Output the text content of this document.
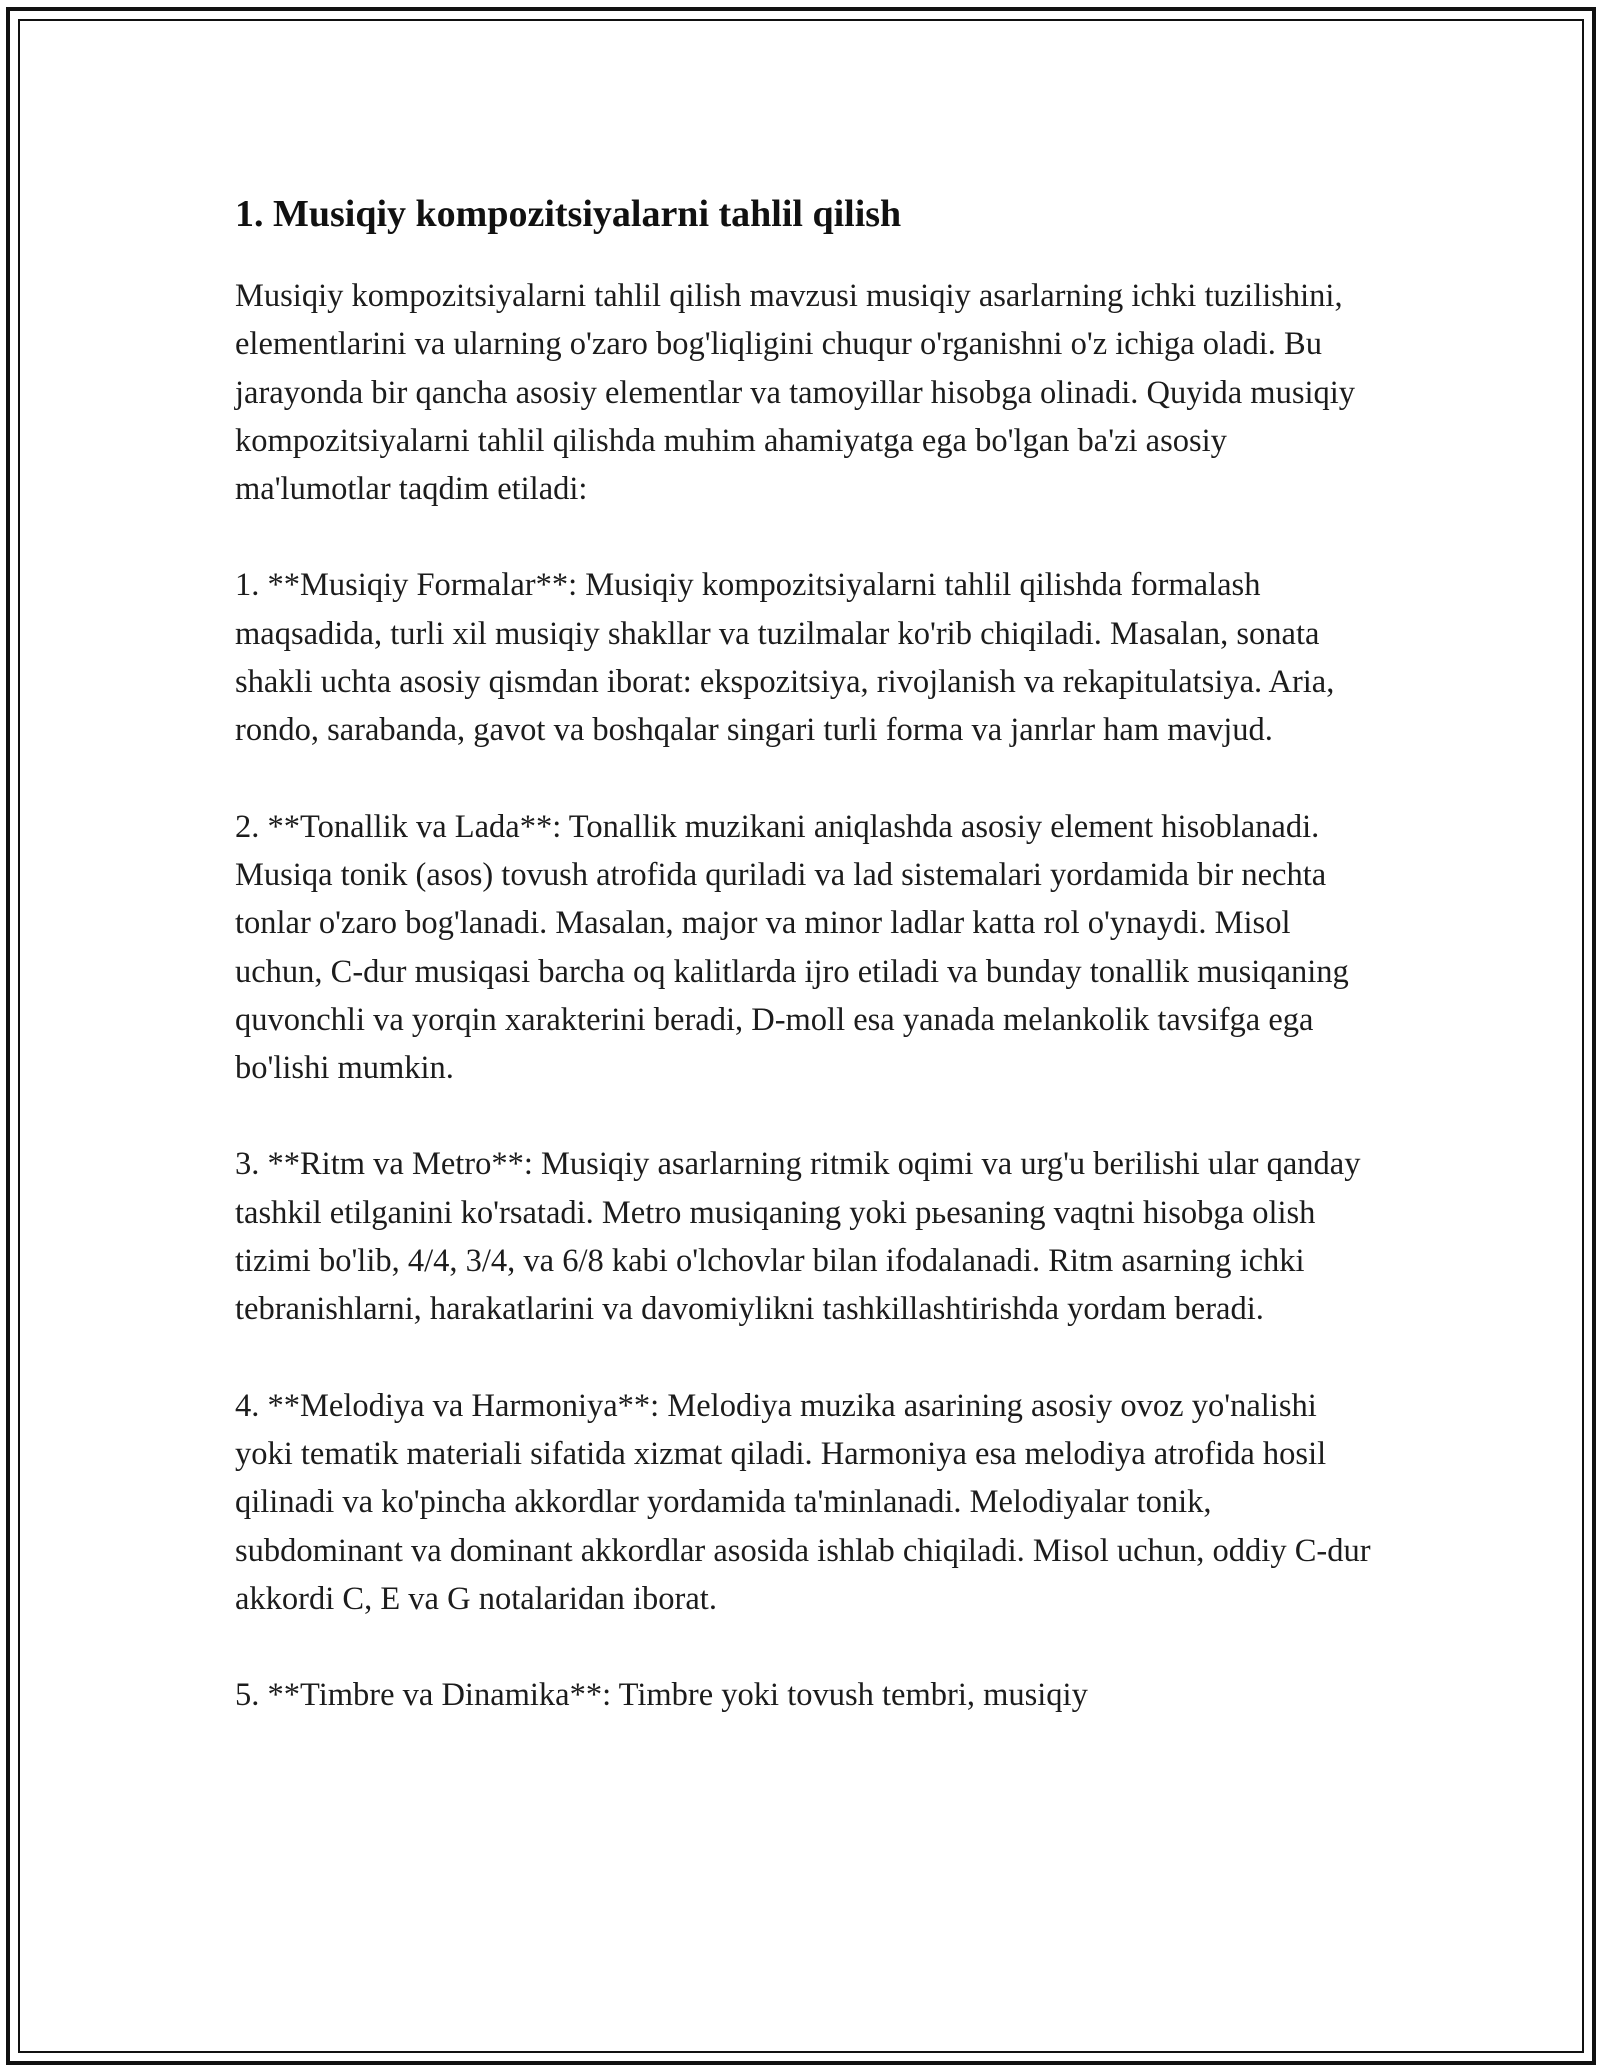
1. Musiqiy kompozitsiyalarni tahlil qilish

Musiqiy kompozitsiyalarni tahlil qilish mavzusi musiqiy asarlarning ichki tuzilishini, elementlarini va ularning o'zaro bog'liqligini chuqur o'rganishni o'z ichiga oladi. Bu jarayonda bir qancha asosiy elementlar va tamoyillar hisobga olinadi. Quyida musiqiy kompozitsiyalarni tahlil qilishda muhim ahamiyatga ega bo'lgan ba'zi asosiy ma'lumotlar taqdim etiladi:

1. **Musiqiy Formalar**: Musiqiy kompozitsiyalarni tahlil qilishda formalash maqsadida, turli xil musiqiy shakllar va tuzilmalar ko'rib chiqiladi. Masalan, sonata shakli uchta asosiy qismdan iborat: ekspozitsiya, rivojlanish va rekapitulatsiya. Aria, rondo, sarabanda, gavot va boshqalar singari turli forma va janrlar ham mavjud.

2. **Tonallik va Lada**: Tonallik muzikani aniqlashda asosiy element hisoblanadi. Musiqa tonik (asos) tovush atrofida quriladi va lad sistemalari yordamida bir nechta tonlar o'zaro bog'lanadi. Masalan, major va minor ladlar katta rol o'ynaydi. Misol uchun, C-dur musiqasi barcha oq kalitlarda ijro etiladi va bunday tonallik musiqaning quvonchli va yorqin xarakterini beradi, D-moll esa yanada melankolik tavsifga ega bo'lishi mumkin.

3. **Ritm va Metro**: Musiqiy asarlarning ritmik oqimi va urg'u berilishi ular qanday tashkil etilganini ko'rsatadi. Metro musiqaning yoki pьesaning vaqtni hisobga olish tizimi bo'lib, 4/4, 3/4, va 6/8 kabi o'lchovlar bilan ifodalanadi. Ritm asarning ichki tebranishlarni, harakatlarini va davomiylikni tashkillashtirishda yordam beradi.

4. **Melodiya va Harmoniya**: Melodiya muzika asarining asosiy ovoz yo'nalishi yoki tematik materiali sifatida xizmat qiladi. Harmoniya esa melodiya atrofida hosil qilinadi va ko'pincha akkordlar yordamida ta'minlanadi. Melodiyalar tonik, subdominant va dominant akkordlar asosida ishlab chiqiladi. Misol uchun, oddiy C-dur akkordi C, E va G notalaridan iborat.

5. **Timbre va Dinamika**: Timbre yoki tovush tembri, musiqiy
